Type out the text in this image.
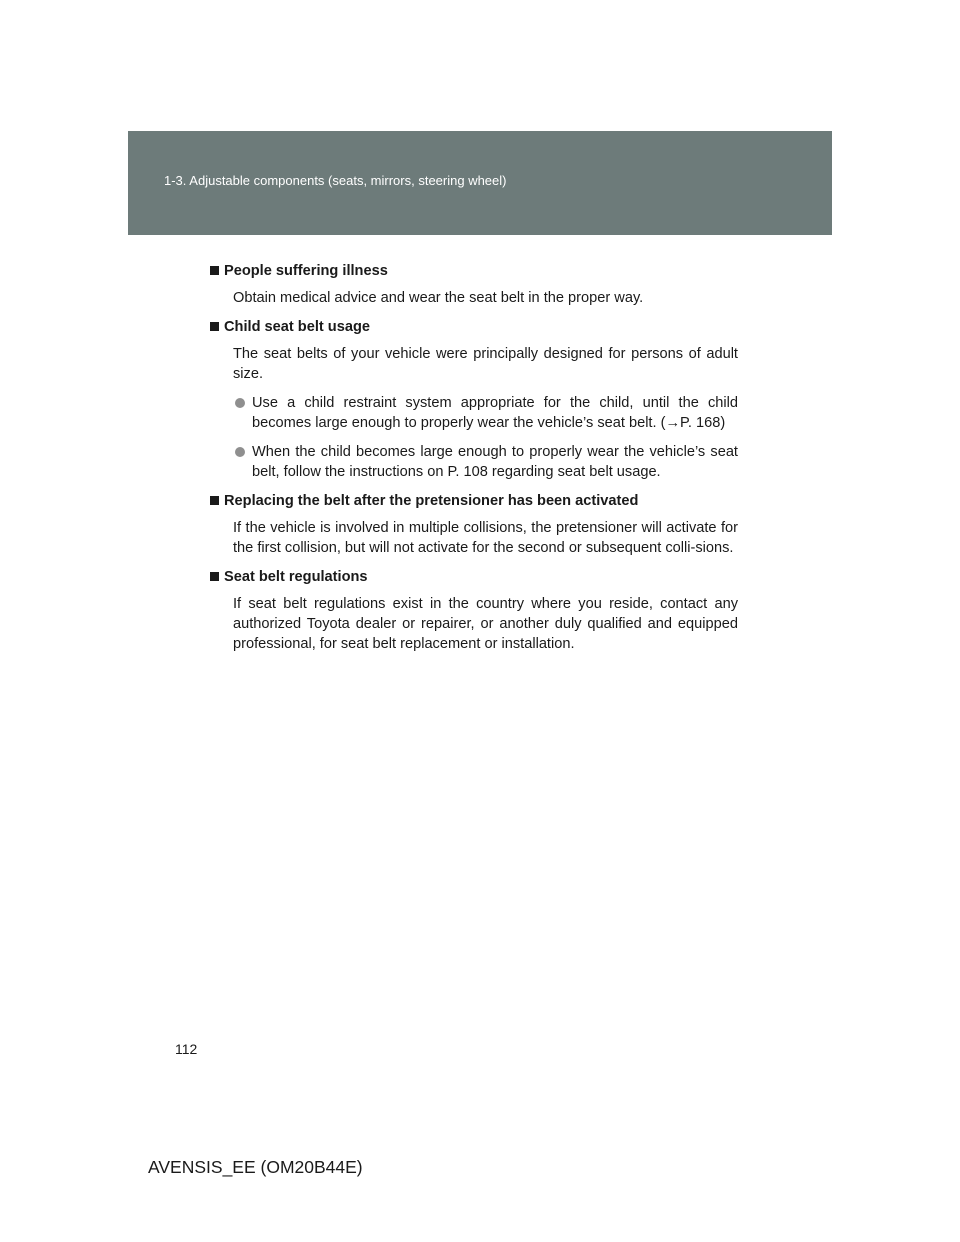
1-3. Adjustable components (seats, mirrors, steering wheel)
People suffering illness
Obtain medical advice and wear the seat belt in the proper way.
Child seat belt usage
The seat belts of your vehicle were principally designed for persons of adult size.
Use a child restraint system appropriate for the child, until the child becomes large enough to properly wear the vehicle’s seat belt. (→P. 168)
When the child becomes large enough to properly wear the vehicle’s seat belt, follow the instructions on P. 108 regarding seat belt usage.
Replacing the belt after the pretensioner has been activated
If the vehicle is involved in multiple collisions, the pretensioner will activate for the first collision, but will not activate for the second or subsequent colli-sions.
Seat belt regulations
If seat belt regulations exist in the country where you reside, contact any authorized Toyota dealer or repairer, or another duly qualified and equipped professional, for seat belt replacement or installation.
112
AVENSIS_EE (OM20B44E)
